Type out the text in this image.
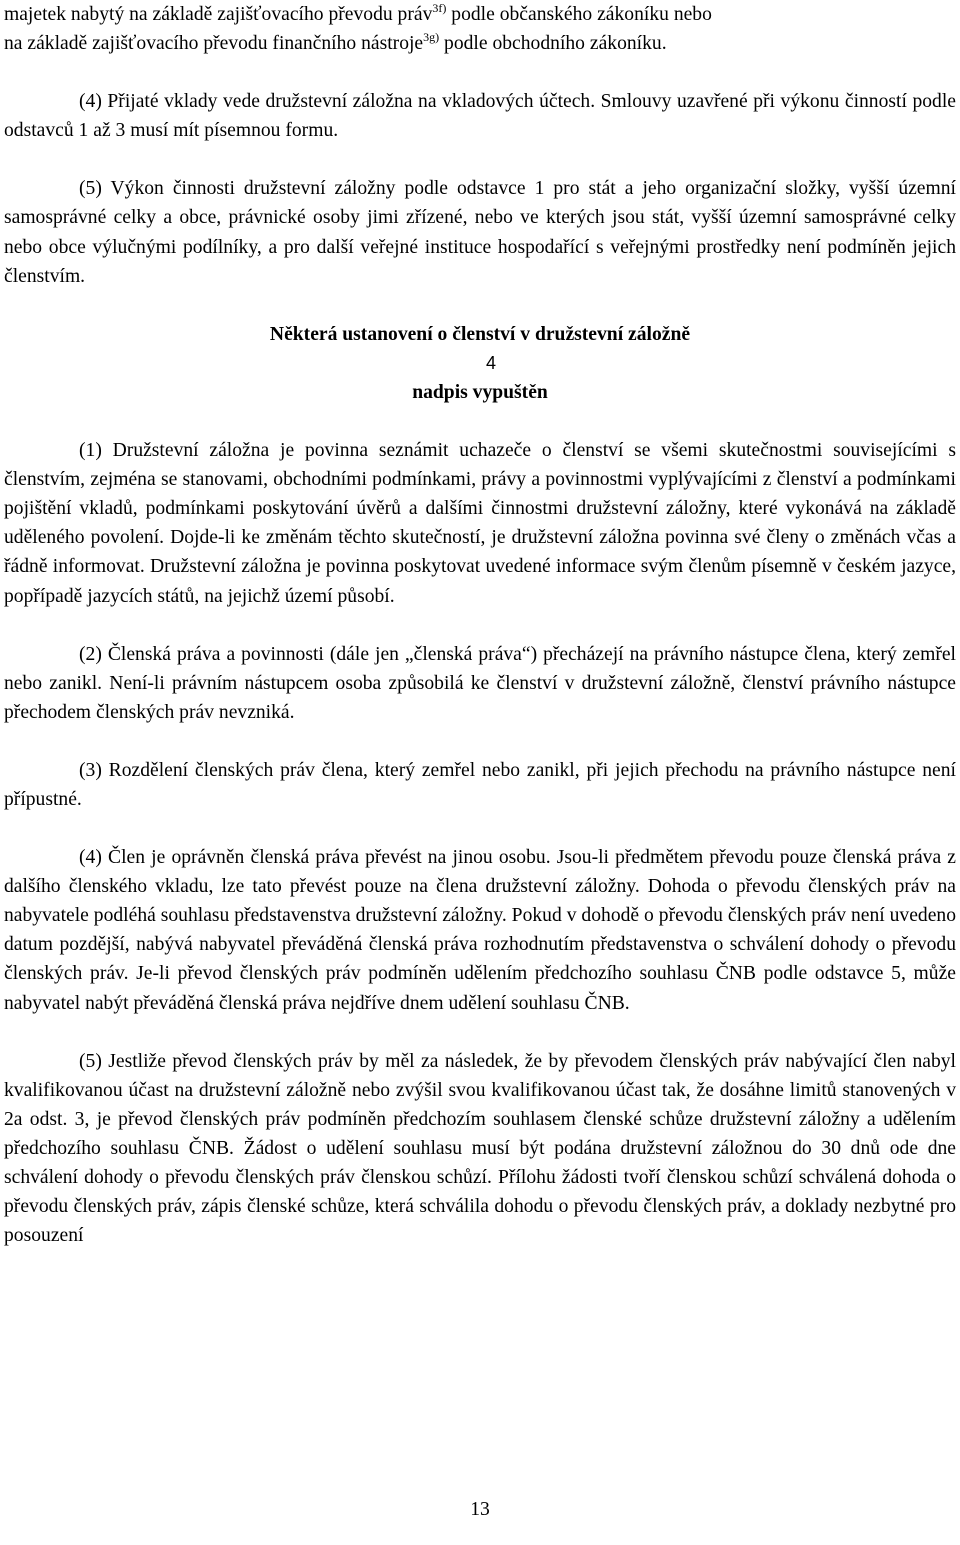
majetek nabytý na základě zajišťovacího převodu práv$^{3f)}$ podle občanského zákoníku nebo
na základě zajišťovacího převodu finančního nástroje$^{3g)}$ podle obchodního zákoníku.

(4) Přijaté vklady vede družstevní záložna na vkladových účtech. Smlouvy uzavřené při výkonu činností podle odstavců 1 až 3 musí mít písemnou formu.

(5) Výkon činnosti družstevní záložny podle odstavce 1 pro stát a jeho organizační složky, vyšší územní samosprávné celky a obce, právnické osoby jimi zřízené, nebo ve kterých jsou stát, vyšší územní samosprávné celky nebo obce výlučnými podílníky, a pro další veřejné instituce hospodařící s veřejnými prostředky není podmíněn jejich členstvím.

Některá ustanovení o členství v družstevní záložně

4

nadpis vypuštěn

(1) Družstevní záložna je povinna seznámit uchazeče o členství se všemi skutečnostmi souvisejícími s členstvím, zejména se stanovami, obchodními podmínkami, právy a povinnostmi vyplývajícími z členství a podmínkami pojištění vkladů, podmínkami poskytování úvěrů a dalšími činnostmi družstevní záložny, které vykonává na základě uděleného povolení. Dojde-li ke změnám těchto skutečností, je družstevní záložna povinna své členy o změnách včas a řádně informovat. Družstevní záložna je povinna poskytovat uvedené informace svým členům písemně v českém jazyce, popřípadě jazycích států, na jejichž území působí.

(2) Členská práva a povinnosti (dále jen „členská práva“) přecházejí na právního nástupce člena, který zemřel nebo zanikl. Není-li právním nástupcem osoba způsobilá ke členství v družstevní záložně, členství právního nástupce přechodem členských práv nevzniká.

(3) Rozdělení členských práv člena, který zemřel nebo zanikl, při jejich přechodu na právního nástupce není přípustné.

(4) Člen je oprávněn členská práva převést na jinou osobu. Jsou-li předmětem převodu pouze členská práva z dalšího členského vkladu, lze tato převést pouze na člena družstevní záložny. Dohoda o převodu členských práv na nabyvatele podléhá souhlasu představenstva družstevní záložny. Pokud v dohodě o převodu členských práv není uvedeno datum pozdější, nabývá nabyvatel převáděná členská práva rozhodnutím představenstva o schválení dohody o převodu členských práv. Je-li převod členských práv podmíněn udělením předchozího souhlasu ČNB podle odstavce 5, může nabyvatel nabýt převáděná členská práva nejdříve dnem udělení souhlasu ČNB.

(5) Jestliže převod členských práv by měl za následek, že by převodem členských práv nabývající člen nabyl kvalifikovanou účast na družstevní záložně nebo zvýšil svou kvalifikovanou účast tak, že dosáhne limitů stanovených v 2a odst. 3, je převod členských práv podmíněn předchozím souhlasem členské schůze družstevní záložny a udělením předchozího souhlasu ČNB. Žádost o udělení souhlasu musí být podána družstevní záložnou do 30 dnů ode dne schválení dohody o převodu členských práv členskou schůzí. Přílohu žádosti tvoří členskou schůzí schválená dohoda o převodu členských práv, zápis členské schůze, která schválila dohodu o převodu členských práv, a doklady nezbytné pro posouzení

13
